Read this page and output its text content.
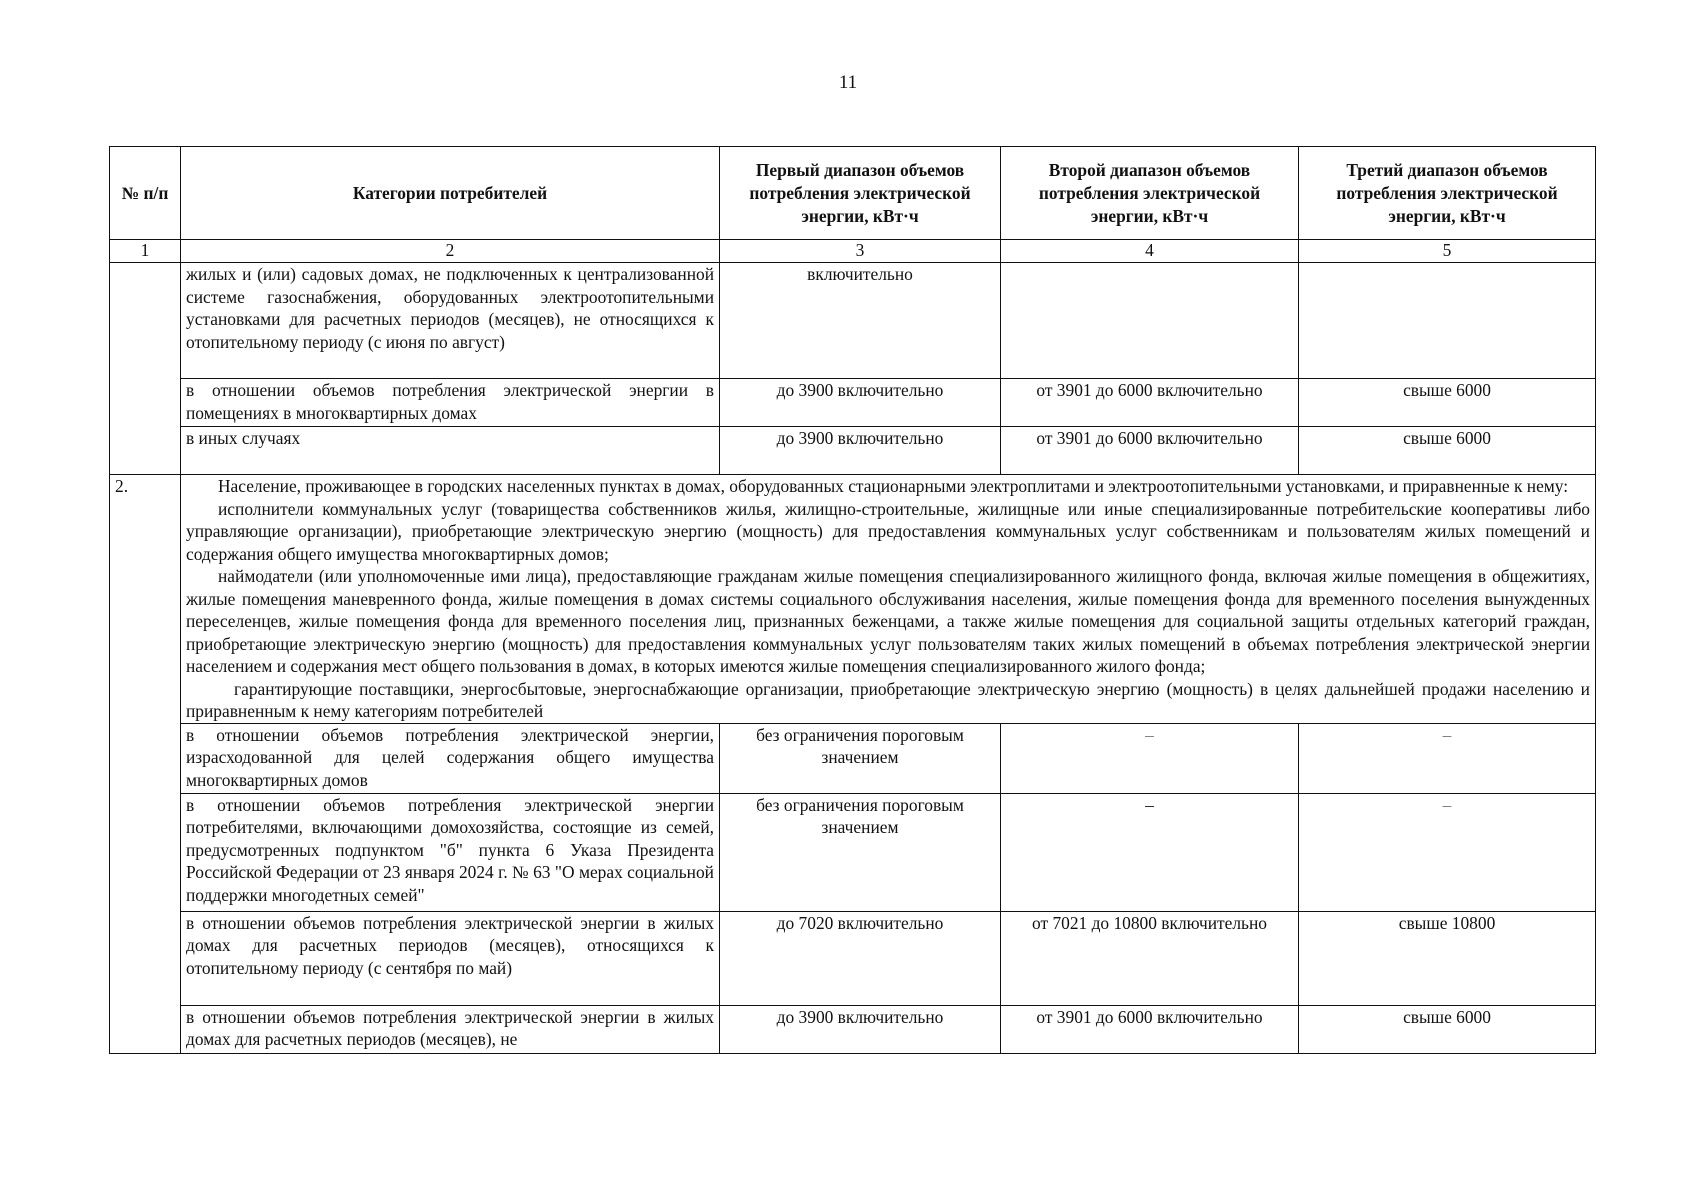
11
№ п/п	Категории потребителей	Первый диапазон объемов потребления электрической энергии, кВт·ч	Второй диапазон объемов потребления электрической энергии, кВт·ч	Третий диапазон объемов потребления электрической энергии, кВт·ч
1	2	3	4	5
	жилых и (или) садовых домах, не подключенных к централизованной системе газоснабжения, оборудованных электроотопительными установками для расчетных периодов (месяцев), не относящихся к отопительному периоду (с июня по август)	включительно		
	в отношении объемов потребления электрической энергии в помещениях в многоквартирных домах	до 3900 включительно	от 3901 до 6000 включительно	свыше 6000
	в иных случаях	до 3900 включительно	от 3901 до 6000 включительно	свыше 6000
2.	Население, проживающее в городских населенных пунктах в домах, оборудованных стационарными электроплитами и электроотопительными установками, и приравненные к нему:
исполнители коммунальных услуг (товарищества собственников жилья, жилищно-строительные, жилищные или иные специализированные потребительские кооперативы либо управляющие организации), приобретающие электрическую энергию (мощность) для предоставления коммунальных услуг собственникам и пользователям жилых помещений и содержания общего имущества многоквартирных домов;
наймодатели (или уполномоченные ими лица), предоставляющие гражданам жилые помещения специализированного жилищного фонда, включая жилые помещения в общежитиях, жилые помещения маневренного фонда, жилые помещения в домах системы социального обслуживания населения, жилые помещения фонда для временного поселения вынужденных переселенцев, жилые помещения фонда для временного поселения лиц, признанных беженцами, а также жилые помещения для социальной защиты отдельных категорий граждан, приобретающие электрическую энергию (мощность) для предоставления коммунальных услуг пользователям таких жилых помещений в объемах потребления электрической энергии населением и содержания мест общего пользования в домах, в которых имеются жилые помещения специализированного жилого фонда;
гарантирующие поставщики, энергосбытовые, энергоснабжающие организации, приобретающие электрическую энергию (мощность) в целях дальнейшей продажи населению и приравненным к нему категориям потребителей			

	в отношении объемов потребления электрической энергии, израсходованной для целей содержания общего имущества многоквартирных домов	без ограничения пороговым значением	–	–
	в отношении объемов потребления электрической энергии потребителями, включающими домохозяйства, состоящие из семей, предусмотренных подпунктом "б" пункта 6 Указа Президента Российской Федерации от 23 января 2024 г. № 63 "О мерах социальной поддержки многодетных семей"	без ограничения пороговым значением	–	–
	в отношении объемов потребления электрической энергии в жилых домах для расчетных периодов (месяцев), относящихся к отопительному периоду (с сентября по май)	до 7020 включительно	от 7021 до 10800 включительно	свыше 10800
	в отношении объемов потребления электрической энергии в жилых домах для расчетных периодов (месяцев), не	до 3900 включительно	от 3901 до 6000 включительно	свыше 6000
